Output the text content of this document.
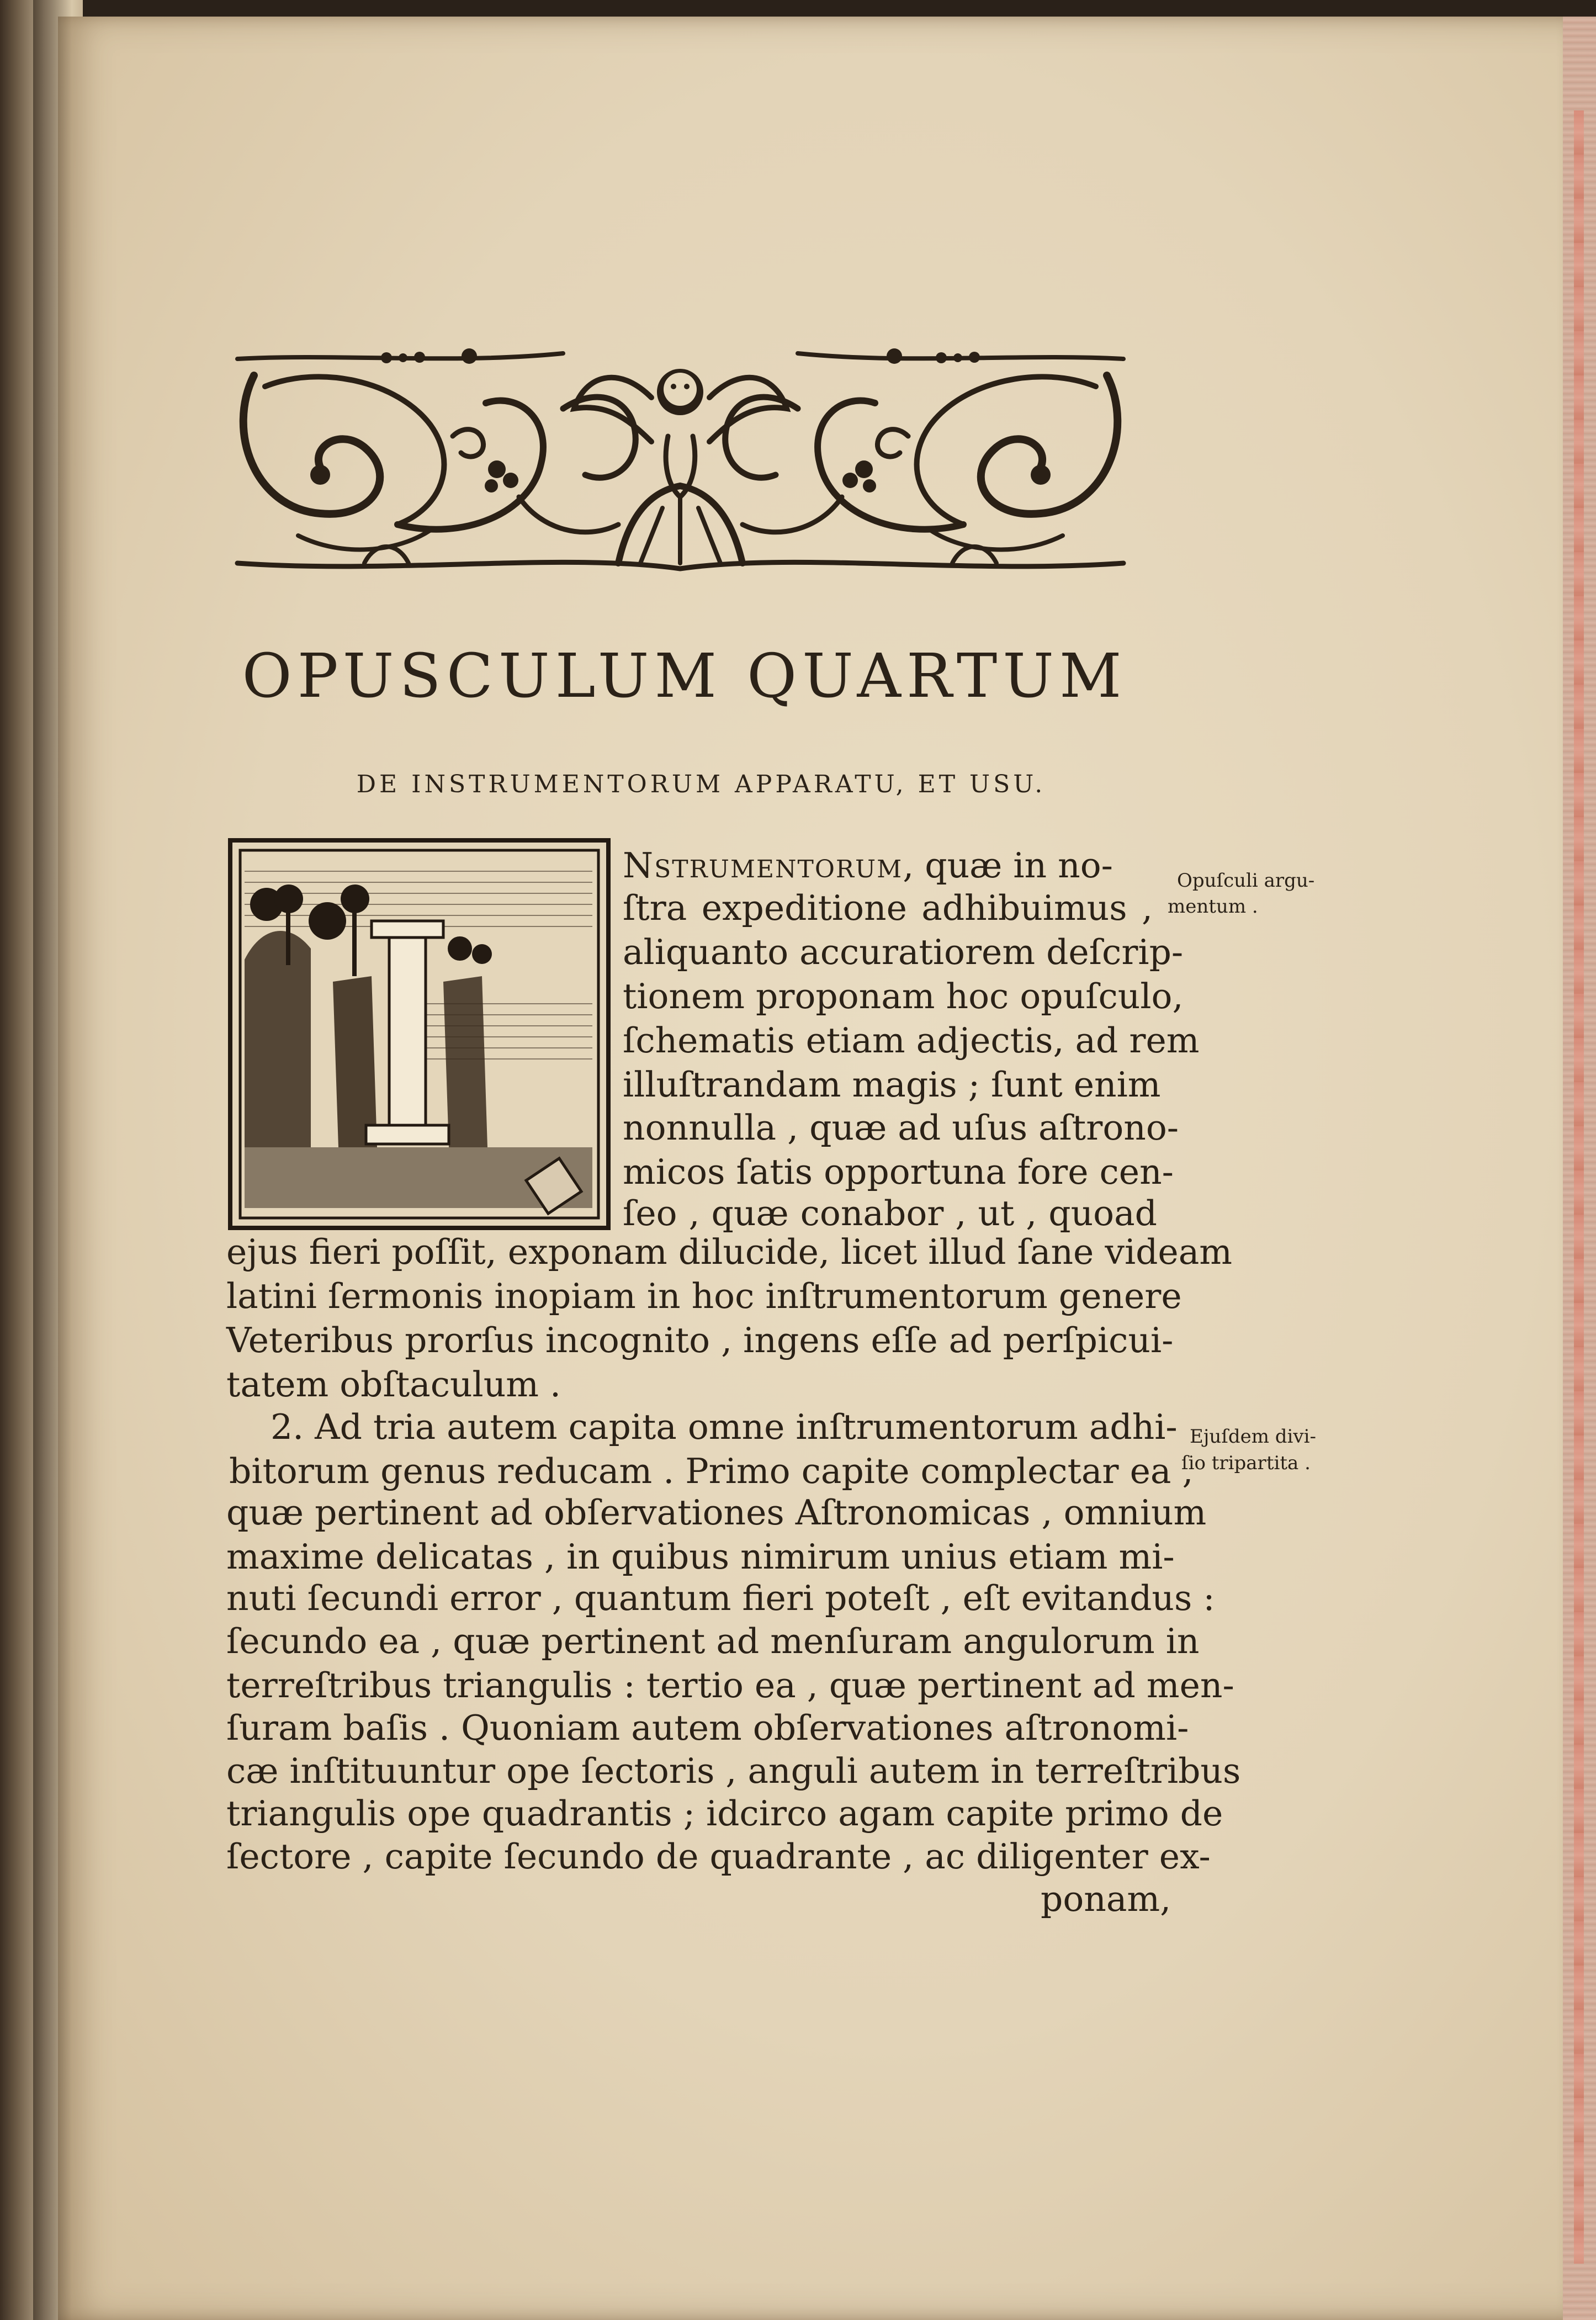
OPUSCULUM QUARTUM
DE INSTRUMENTORUM APPARATU, ET USU.
Nstrumentorum, quæ in no-
ſtra expeditione adhibuimus ,
aliquanto accuratiorem deſcrip-
tionem proponam hoc opuſculo,
ſchematis etiam adjectis, ad rem
illuſtrandam magis ; ſunt enim
nonnulla , quæ ad uſus aſtrono-
micos ſatis opportuna fore cen-
ſeo , quæ conabor , ut , quoad
ejus fieri poſſit, exponam dilucide, licet illud ſane videam
latini ſermonis inopiam in hoc inſtrumentorum genere
Veteribus prorſus incognito , ingens eſſe ad perſpicui-
tatem obſtaculum .
2. Ad tria autem capita omne inſtrumentorum adhi-
bitorum genus reducam . Primo capite complectar ea ,
quæ pertinent ad obſervationes Aſtronomicas , omnium
maxime delicatas , in quibus nimirum unius etiam mi-
nuti ſecundi error , quantum fieri poteſt , eſt evitandus :
ſecundo ea , quæ pertinent ad menſuram angulorum in
terreſtribus triangulis : tertio ea , quæ pertinent ad men-
ſuram baſis . Quoniam autem obſervationes aſtronomi-
cæ inſtituuntur ope ſectoris , anguli autem in terreſtribus
triangulis ope quadrantis ; idcirco agam capite primo de
ſectore , capite ſecundo de quadrante , ac diligenter ex-
ponam,
Opuſculi argu-
mentum .
Ejuſdem divi-
ſio tripartita .
